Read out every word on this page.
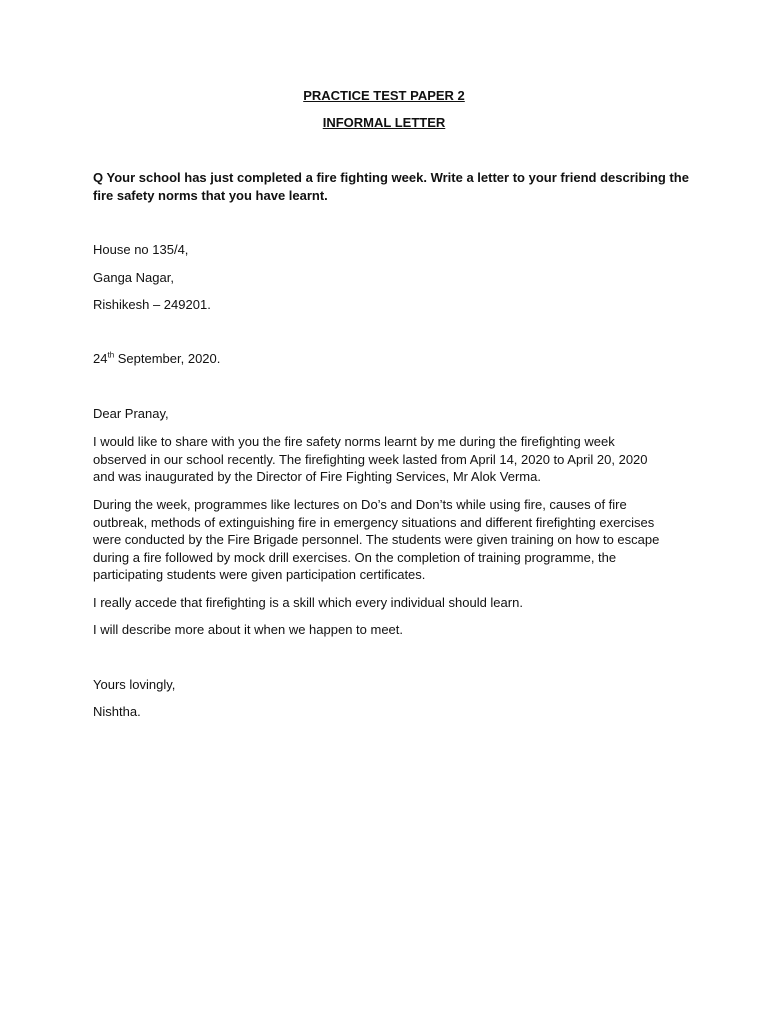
PRACTICE TEST PAPER 2
INFORMAL LETTER
Q Your school has just completed a fire fighting week. Write a letter to your friend describing the
fire safety norms that you have learnt.
House no 135/4,
Ganga Nagar,
Rishikesh – 249201.
24th September, 2020.
Dear Pranay,

I would like to share with you the fire safety norms learnt by me during the firefighting week

observed in our school recently. The firefighting week lasted from April 14, 2020 to April 20, 2020

and was inaugurated by the Director of Fire Fighting Services, Mr Alok Verma.

During the week, programmes like lectures on Do’s and Don’ts while using fire, causes of fire

outbreak, methods of extinguishing fire in emergency situations and different firefighting exercises

were conducted by the Fire Brigade personnel. The students were given training on how to escape

during a fire followed by mock drill exercises. On the completion of training programme, the

participating students were given participation certificates.

I really accede that firefighting is a skill which every individual should learn.
I will describe more about it when we happen to meet.
Yours lovingly,
Nishtha.
